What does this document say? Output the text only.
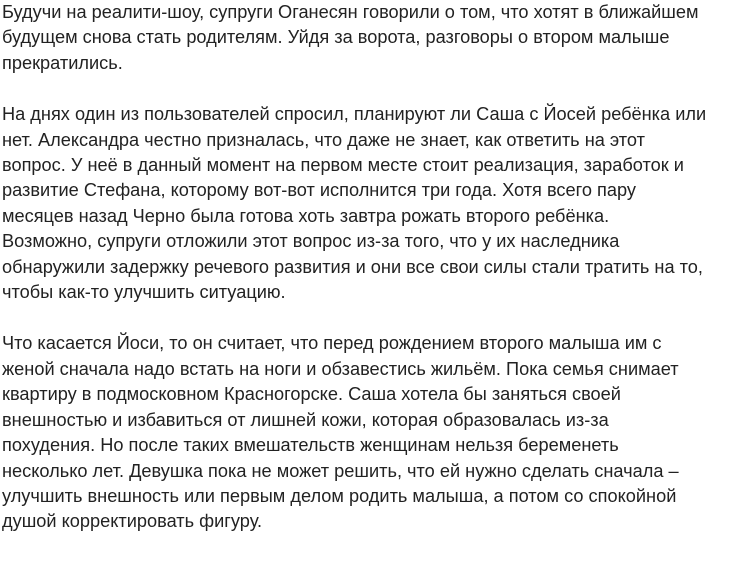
Будучи на реалити-шоу, супруги Оганесян говорили о том, что хотят в ближайшем
будущем снова стать родителям. Уйдя за ворота, разговоры о втором малыше
прекратились.

На днях один из пользователей спросил, планируют ли Саша с Йосей ребёнка или
нет. Александра честно призналась, что даже не знает, как ответить на этот
вопрос. У неё в данный момент на первом месте стоит реализация, заработок и
развитие Стефана, которому вот-вот исполнится три года. Хотя всего пару
месяцев назад Черно была готова хоть завтра рожать второго ребёнка.
Возможно, супруги отложили этот вопрос из-за того, что у их наследника
обнаружили задержку речевого развития и они все свои силы стали тратить на то,
чтобы как-то улучшить ситуацию.

Что касается Йоси, то он считает, что перед рождением второго малыша им с
женой сначала надо встать на ноги и обзавестись жильём. Пока семья снимает
квартиру в подмосковном Красногорске. Саша хотела бы заняться своей
внешностью и избавиться от лишней кожи, которая образовалась из-за
похудения. Но после таких вмешательств женщинам нельзя беременеть
несколько лет. Девушка пока не может решить, что ей нужно сделать сначала –
улучшить внешность или первым делом родить малыша, а потом со спокойной
душой корректировать фигуру.
